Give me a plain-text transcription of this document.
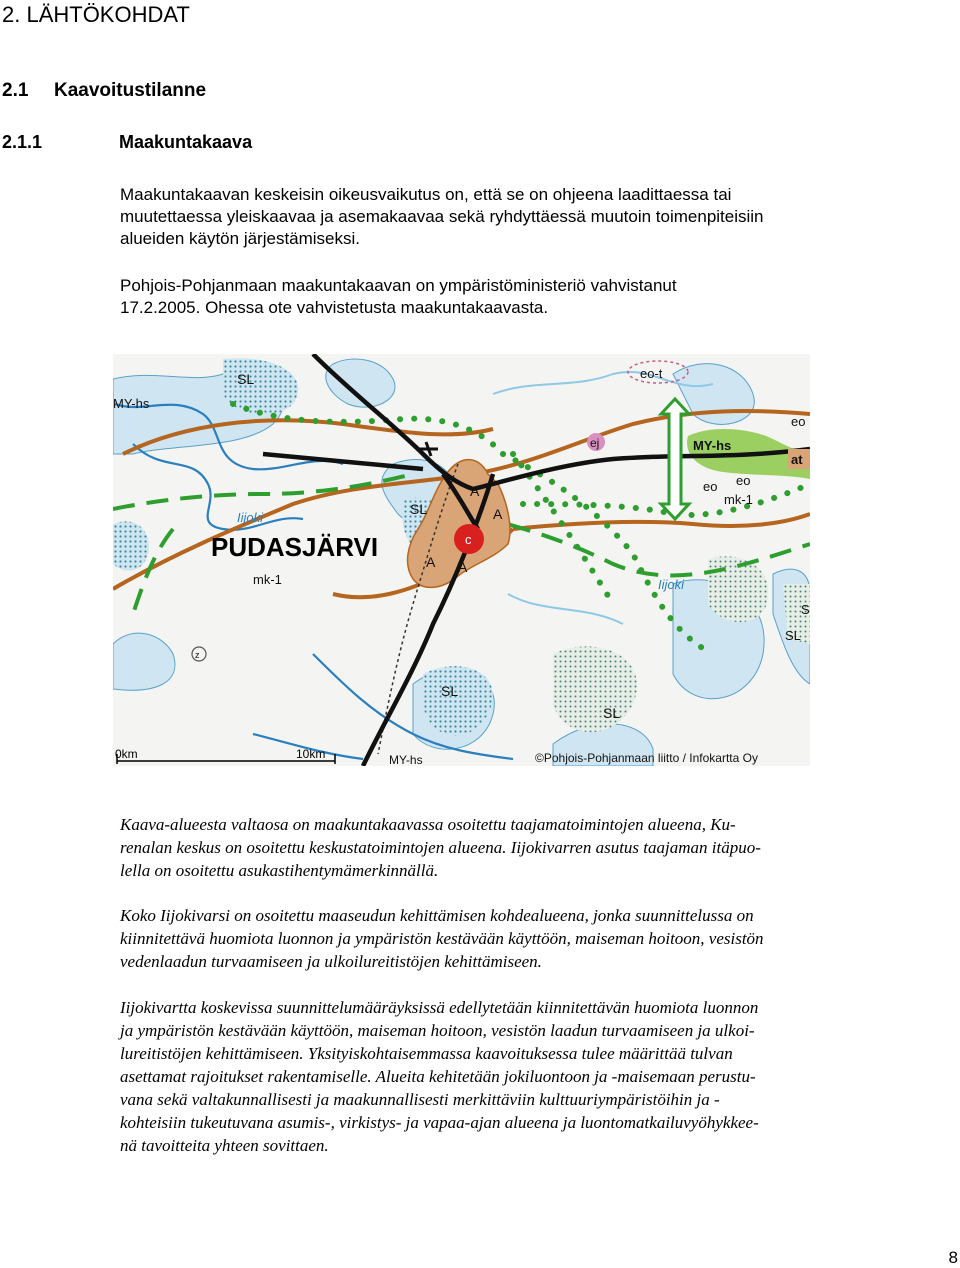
2. LÄHTÖKOHDAT
2.1 Kaavoitustilanne
2.1.1	Maakuntakaava

Maakuntakaavan keskeisin oikeusvaikutus on, että se on ohjeena laadittaessa tai
muutettaessa yleiskaavaa ja asemakaavaa sekä ryhdyttäessä muutoin toimenpiteisiin
alueiden käytön järjestämiseksi.

Pohjois-Pohjanmaan maakuntakaavan on ympäristöministeriö vahvistanut
17.2.2005. Ohessa ote vahvistetusta maakuntakaavasta.

SL
MY-hs
SL
eo-t
ej	MY-hs
eo
at
eo
eo
mk-1
A
A
A A
c
mk-1
S
SL
z
SL
SL
MY-hs
Iijoki
Iijoki
PUDASJÄRVI
0km	10km	©Pohjois-Pohjanmaan liitto / Infokartta Oy

Kaava-alueesta valtaosa on maakuntakaavassa osoitettu taajamatoimintojen alueena, Ku-
renalan keskus on osoitettu keskustatoimintojen alueena. Iijokivarren asutus taajaman itäpuo-
lella on osoitettu asukastihentymämerkinnällä.

Koko Iijokivarsi on osoitettu maaseudun kehittämisen kohdealueena, jonka suunnittelussa on
kiinnitettävä huomiota luonnon ja ympäristön kestävään käyttöön, maiseman hoitoon, vesistön
vedenlaadun turvaamiseen ja ulkoilureitistöjen kehittämiseen.

Iijokivartta koskevissa suunnittelumääräyksissä edellytetään kiinnitettävän huomiota luonnon
ja ympäristön kestävään käyttöön, maiseman hoitoon, vesistön laadun turvaamiseen ja ulkoi-
lureitistöjen kehittämiseen. Yksityiskohtaisemmassa kaavoituksessa tulee määrittää tulvan
asettamat rajoitukset rakentamiselle. Alueita kehitetään jokiluontoon ja -maisemaan perustu-
vana sekä valtakunnallisesti ja maakunnallisesti merkittäviin kulttuuriympäristöihin ja -
kohteisiin tukeutuvana asumis-, virkistys- ja vapaa-ajan alueena ja luontomatkailuvyöhykkee-
nä tavoitteita yhteen sovittaen.

8
